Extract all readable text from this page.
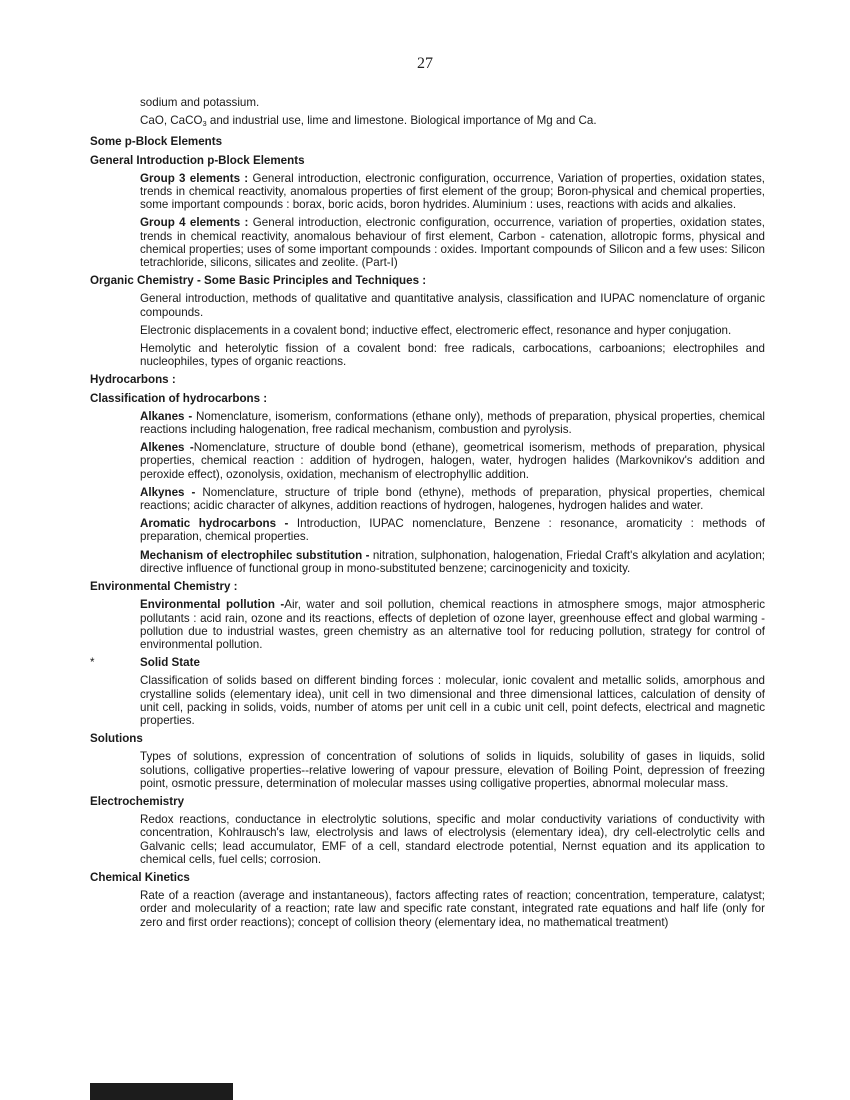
27

sodium and potassium.

CaO, CaCO$_3$ and industrial use, lime and limestone. Biological importance of Mg and Ca.

Some p-Block Elements
General Introduction p-Block Elements

Group 3 elements : General introduction, electronic configuration, occurrence, Variation of properties, oxidation states, trends in chemical reactivity, anomalous properties of first element of the group; Boron-physical and chemical properties, some important compounds : borax, boric acids, boron hydrides. Aluminium : uses, reactions with acids and alkalies.

Group 4 elements : General introduction, electronic configuration, occurrence, variation of properties, oxidation states, trends in chemical reactivity, anomalous behaviour of first element, Carbon - catenation, allotropic forms, physical and chemical properties; uses of some important compounds : oxides. Important compounds of Silicon and a few uses: Silicon tetrachloride, silicons, silicates and zeolite. (Part-I)

Organic Chemistry - Some Basic Principles and Techniques :

General introduction, methods of qualitative and quantitative analysis, classification and IUPAC nomenclature of organic compounds.

Electronic displacements in a covalent bond; inductive effect, electromeric effect, resonance and hyper conjugation.

Hemolytic and heterolytic fission of a covalent bond: free radicals, carbocations, carboanions; electrophiles and nucleophiles, types of organic reactions.

Hydrocarbons :
Classification of hydrocarbons :

Alkanes - Nomenclature, isomerism, conformations (ethane only), methods of preparation, physical properties, chemical reactions including halogenation, free radical mechanism, combustion and pyrolysis.

Alkenes -Nomenclature, structure of double bond (ethane), geometrical isomerism, methods of preparation, physical properties, chemical reaction : addition of hydrogen, halogen, water, hydrogen halides (Markovnikov's addition and peroxide effect), ozonolysis, oxidation, mechanism of electrophyllic addition.

Alkynes - Nomenclature, structure of triple bond (ethyne), methods of preparation, physical properties, chemical reactions; acidic character of alkynes, addition reactions of hydrogen, halogenes, hydrogen halides and water.

Aromatic hydrocarbons - Introduction, IUPAC nomenclature, Benzene : resonance, aromaticity : methods of preparation, chemical properties.

Mechanism of electrophilec substitution - nitration, sulphonation, halogenation, Friedal Craft's alkylation and acylation; directive influence of functional group in mono-substituted benzene; carcinogenicity and toxicity.

Environmental Chemistry :

Environmental pollution -Air, water and soil pollution, chemical reactions in atmosphere smogs, major atmospheric pollutants : acid rain, ozone and its reactions, effects of depletion of ozone layer, greenhouse effect and global warming - pollution due to industrial wastes, green chemistry as an alternative tool for reducing pollution, strategy for control of environmental pollution.

*	Solid State

Classification of solids based on different binding forces : molecular, ionic covalent and metallic solids, amorphous and crystalline solids (elementary idea), unit cell in two dimensional and three dimensional lattices, calculation of density of unit cell, packing in solids, voids, number of atoms per unit cell in a cubic unit cell, point defects, electrical and magnetic properties.

Solutions

Types of solutions, expression of concentration of solutions of solids in liquids, solubility of gases in liquids, solid solutions, colligative properties--relative lowering of vapour pressure, elevation of Boiling Point, depression of freezing point, osmotic pressure, determination of molecular masses using colligative properties, abnormal molecular mass.

Electrochemistry

Redox reactions, conductance in electrolytic solutions, specific and molar conductivity variations of conductivity with concentration, Kohlrausch's law, electrolysis and laws of electrolysis (elementary idea), dry cell-electrolytic cells and Galvanic cells; lead accumulator, EMF of a cell, standard electrode potential, Nernst equation and its application to chemical cells, fuel cells; corrosion.

Chemical Kinetics

Rate of a reaction (average and instantaneous), factors affecting rates of reaction; concentration, temperature, calatyst; order and molecularity of a reaction; rate law and specific rate constant, integrated rate equations and half life (only for zero and first order reactions); concept of collision theory (elementary idea, no mathematical treatment)
